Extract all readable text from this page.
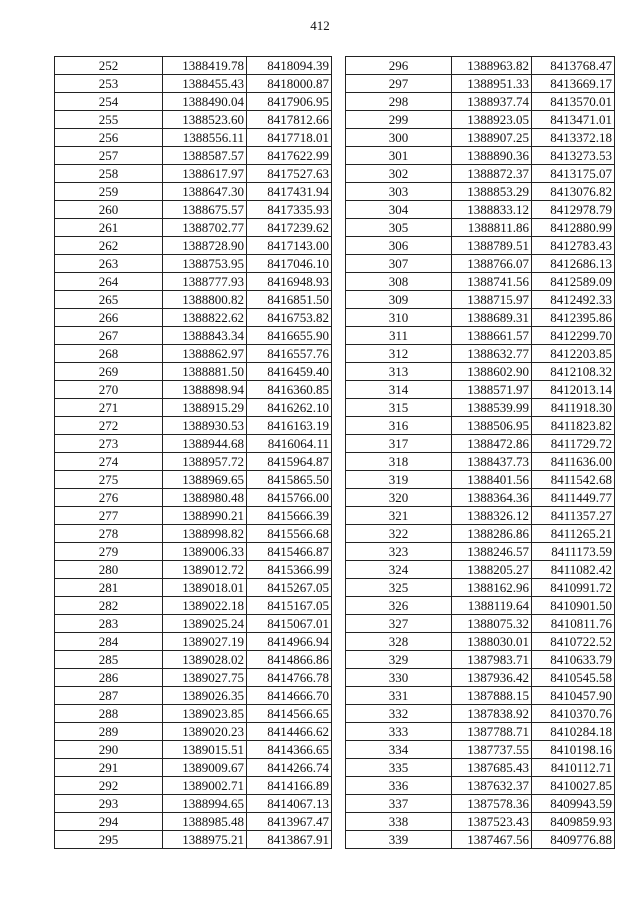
412
252	1388419.78	8418094.39
253	1388455.43	8418000.87
254	1388490.04	8417906.95
255	1388523.60	8417812.66
256	1388556.11	8417718.01
257	1388587.57	8417622.99
258	1388617.97	8417527.63
259	1388647.30	8417431.94
260	1388675.57	8417335.93
261	1388702.77	8417239.62
262	1388728.90	8417143.00
263	1388753.95	8417046.10
264	1388777.93	8416948.93
265	1388800.82	8416851.50
266	1388822.62	8416753.82
267	1388843.34	8416655.90
268	1388862.97	8416557.76
269	1388881.50	8416459.40
270	1388898.94	8416360.85
271	1388915.29	8416262.10
272	1388930.53	8416163.19
273	1388944.68	8416064.11
274	1388957.72	8415964.87
275	1388969.65	8415865.50
276	1388980.48	8415766.00
277	1388990.21	8415666.39
278	1388998.82	8415566.68
279	1389006.33	8415466.87
280	1389012.72	8415366.99
281	1389018.01	8415267.05
282	1389022.18	8415167.05
283	1389025.24	8415067.01
284	1389027.19	8414966.94
285	1389028.02	8414866.86
286	1389027.75	8414766.78
287	1389026.35	8414666.70
288	1389023.85	8414566.65
289	1389020.23	8414466.62
290	1389015.51	8414366.65
291	1389009.67	8414266.74
292	1389002.71	8414166.89
293	1388994.65	8414067.13
294	1388985.48	8413967.47
295	1388975.21	8413867.91
296	1388963.82	8413768.47
297	1388951.33	8413669.17
298	1388937.74	8413570.01
299	1388923.05	8413471.01
300	1388907.25	8413372.18
301	1388890.36	8413273.53
302	1388872.37	8413175.07
303	1388853.29	8413076.82
304	1388833.12	8412978.79
305	1388811.86	8412880.99
306	1388789.51	8412783.43
307	1388766.07	8412686.13
308	1388741.56	8412589.09
309	1388715.97	8412492.33
310	1388689.31	8412395.86
311	1388661.57	8412299.70
312	1388632.77	8412203.85
313	1388602.90	8412108.32
314	1388571.97	8412013.14
315	1388539.99	8411918.30
316	1388506.95	8411823.82
317	1388472.86	8411729.72
318	1388437.73	8411636.00
319	1388401.56	8411542.68
320	1388364.36	8411449.77
321	1388326.12	8411357.27
322	1388286.86	8411265.21
323	1388246.57	8411173.59
324	1388205.27	8411082.42
325	1388162.96	8410991.72
326	1388119.64	8410901.50
327	1388075.32	8410811.76
328	1388030.01	8410722.52
329	1387983.71	8410633.79
330	1387936.42	8410545.58
331	1387888.15	8410457.90
332	1387838.92	8410370.76
333	1387788.71	8410284.18
334	1387737.55	8410198.16
335	1387685.43	8410112.71
336	1387632.37	8410027.85
337	1387578.36	8409943.59
338	1387523.43	8409859.93
339	1387467.56	8409776.88
